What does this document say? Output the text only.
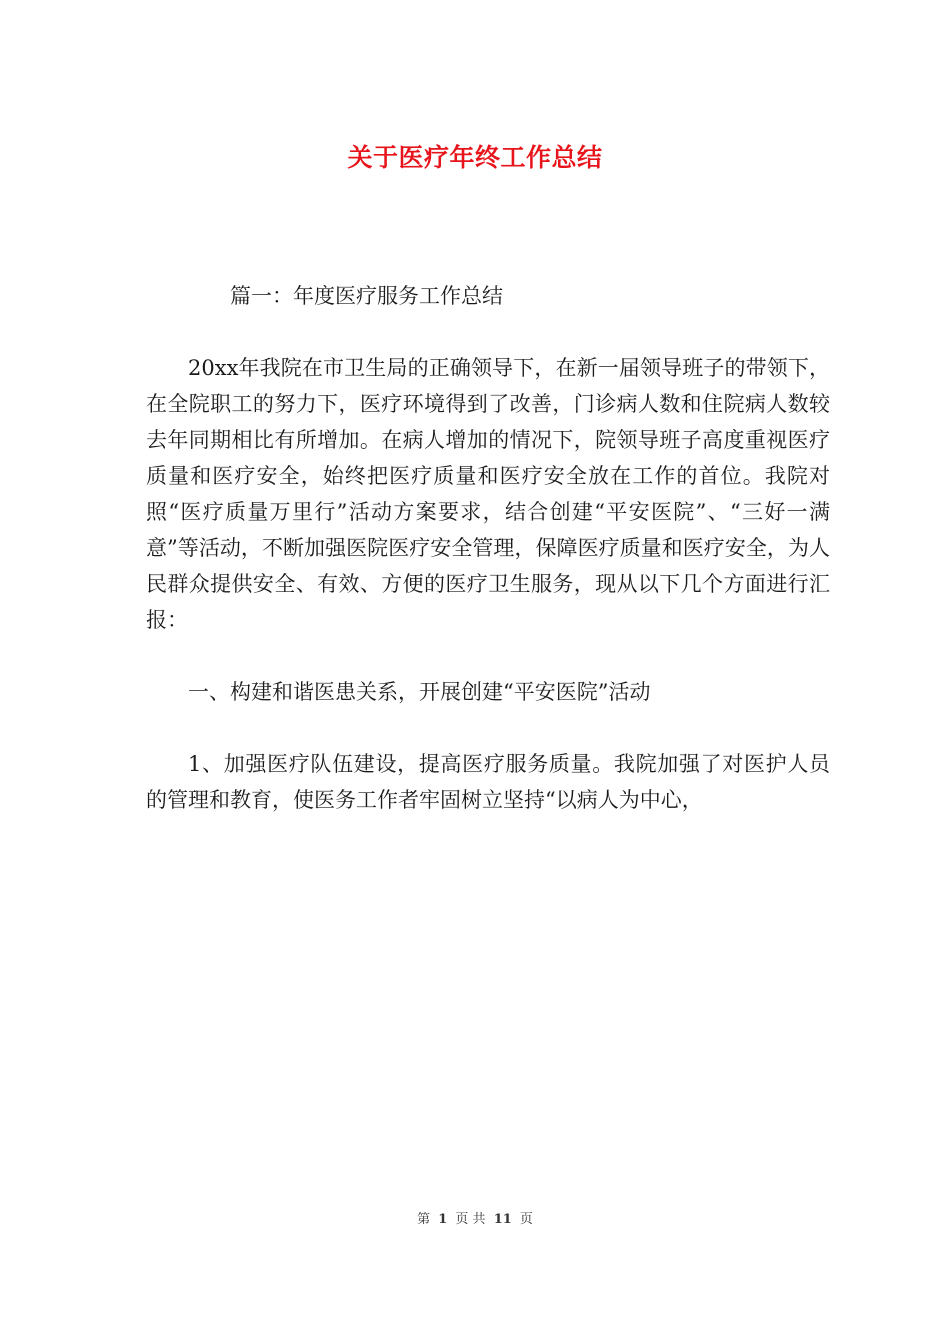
关于医疗年终工作总结

篇一：年度医疗服务工作总结

20xx年我院在市卫生局的正确领导下，在新一届领导班子的带领下，在全院职工的努力下，医疗环境得到了改善，门诊病人数和住院病人数较去年同期相比有所增加。在病人增加的情况下，院领导班子高度重视医疗质量和医疗安全，始终把医疗质量和医疗安全放在工作的首位。我院对照“医疗质量万里行”活动方案要求，结合创建“平安医院”、“三好一满意”等活动，不断加强医院医疗安全管理，保障医疗质量和医疗安全，为人民群众提供安全、有效、方便的医疗卫生服务，现从以下几个方面进行汇报：

一、构建和谐医患关系，开展创建“平安医院”活动

1、加强医疗队伍建设，提高医疗服务质量。我院加强了对医护人员的管理和教育，使医务工作者牢固树立坚持“以病人为中心，

第 1 页 共 11 页
